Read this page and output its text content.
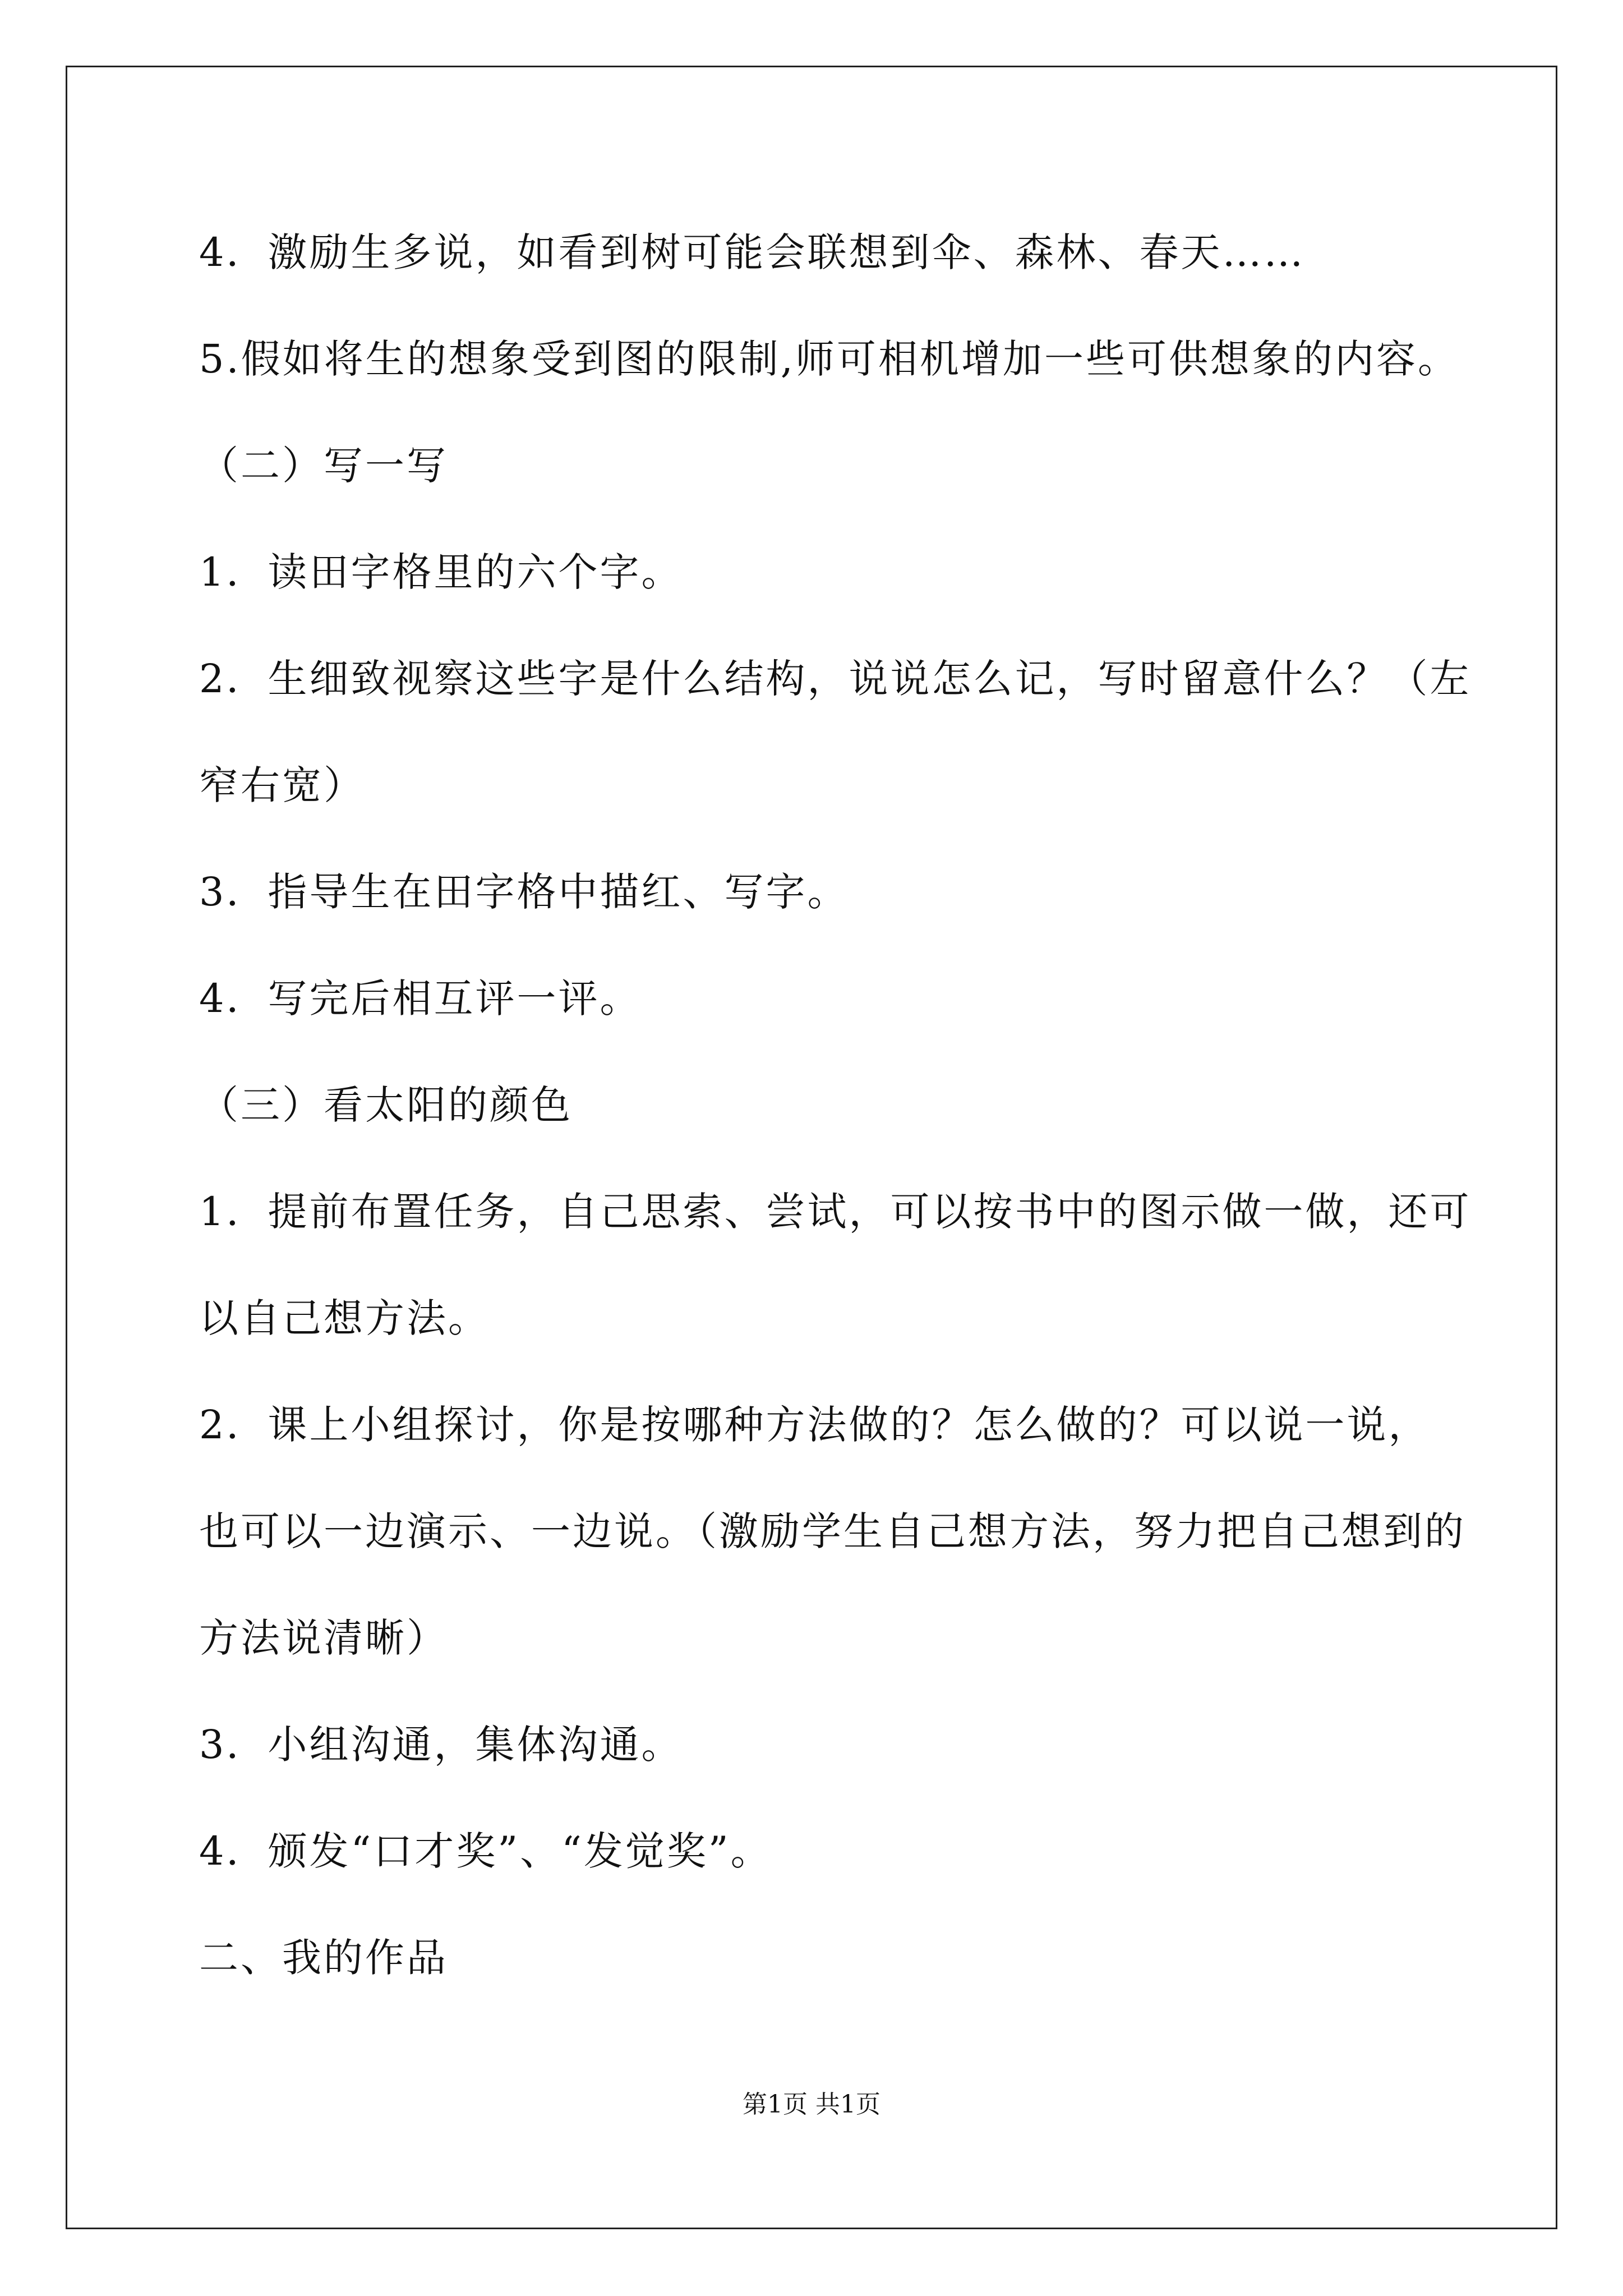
4．激励生多说，如看到树可能会联想到伞、森林、春天……
5.假如将生的想象受到图的限制,师可相机增加一些可供想象的内容。
（二）写一写
1．读田字格里的六个字。
2．生细致视察这些字是什么结构，说说怎么记，写时留意什么？（左
窄右宽）
3．指导生在田字格中描红、写字。
4．写完后相互评一评。
（三）看太阳的颜色
1．提前布置任务，自己思索、尝试，可以按书中的图示做一做，还可
以自己想方法。
2．课上小组探讨，你是按哪种方法做的？怎么做的？可以说一说，
也可以一边演示、一边说。（激励学生自己想方法，努力把自己想到的
方法说清晰）
3．小组沟通，集体沟通。
4．颁发“口才奖”、“发觉奖”。
二、我的作品
第1页 共1页
